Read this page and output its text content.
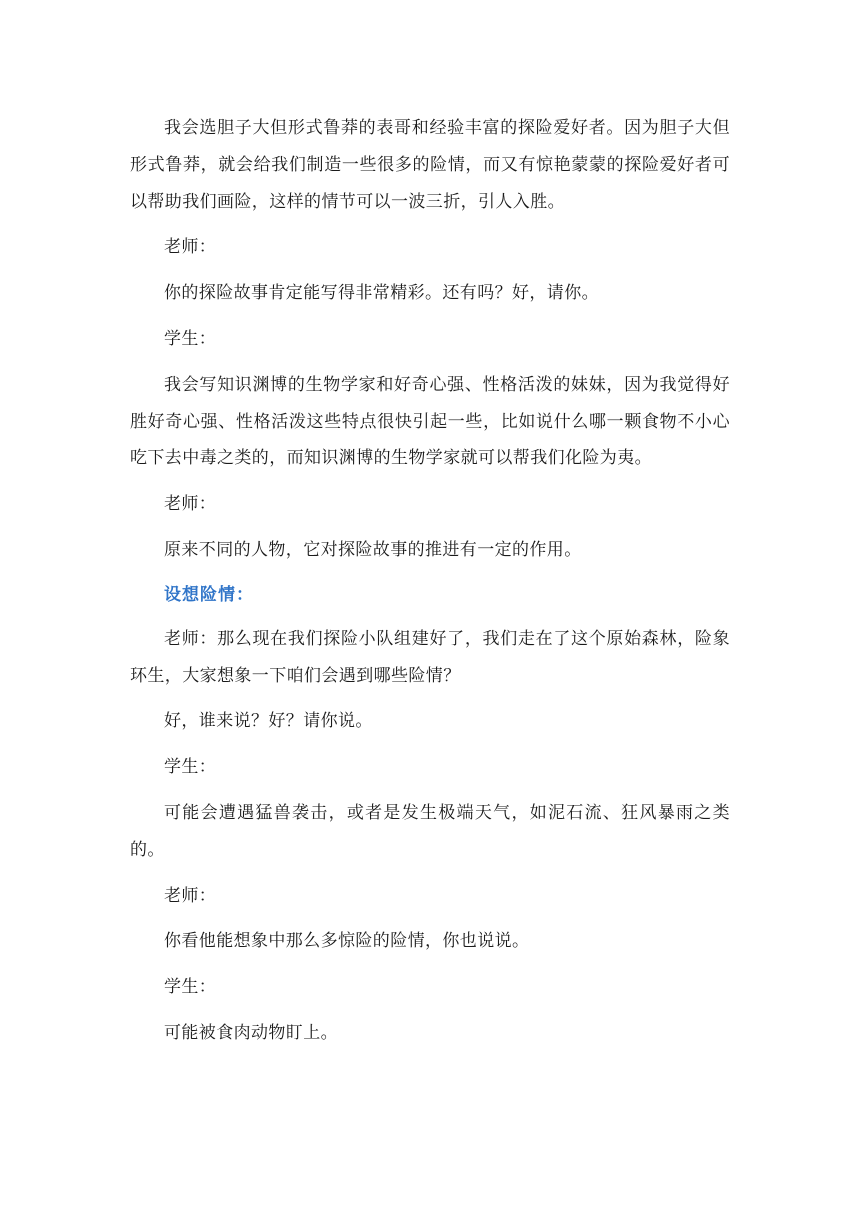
我会选胆子大但形式鲁莽的表哥和经验丰富的探险爱好者。因为胆子大但形式鲁莽，就会给我们制造一些很多的险情，而又有惊艳蒙蒙的探险爱好者可以帮助我们画险，这样的情节可以一波三折，引人入胜。

老师：

你的探险故事肯定能写得非常精彩。还有吗？好，请你。

学生：

我会写知识渊博的生物学家和好奇心强、性格活泼的妹妹，因为我觉得好胜好奇心强、性格活泼这些特点很快引起一些，比如说什么哪一颗食物不小心吃下去中毒之类的，而知识渊博的生物学家就可以帮我们化险为夷。

老师：

原来不同的人物，它对探险故事的推进有一定的作用。

设想险情：

老师：那么现在我们探险小队组建好了，我们走在了这个原始森林，险象环生，大家想象一下咱们会遇到哪些险情？

好，谁来说？好？请你说。

学生：

可能会遭遇猛兽袭击，或者是发生极端天气，如泥石流、狂风暴雨之类的。

老师：

你看他能想象中那么多惊险的险情，你也说说。

学生：

可能被食肉动物盯上。
